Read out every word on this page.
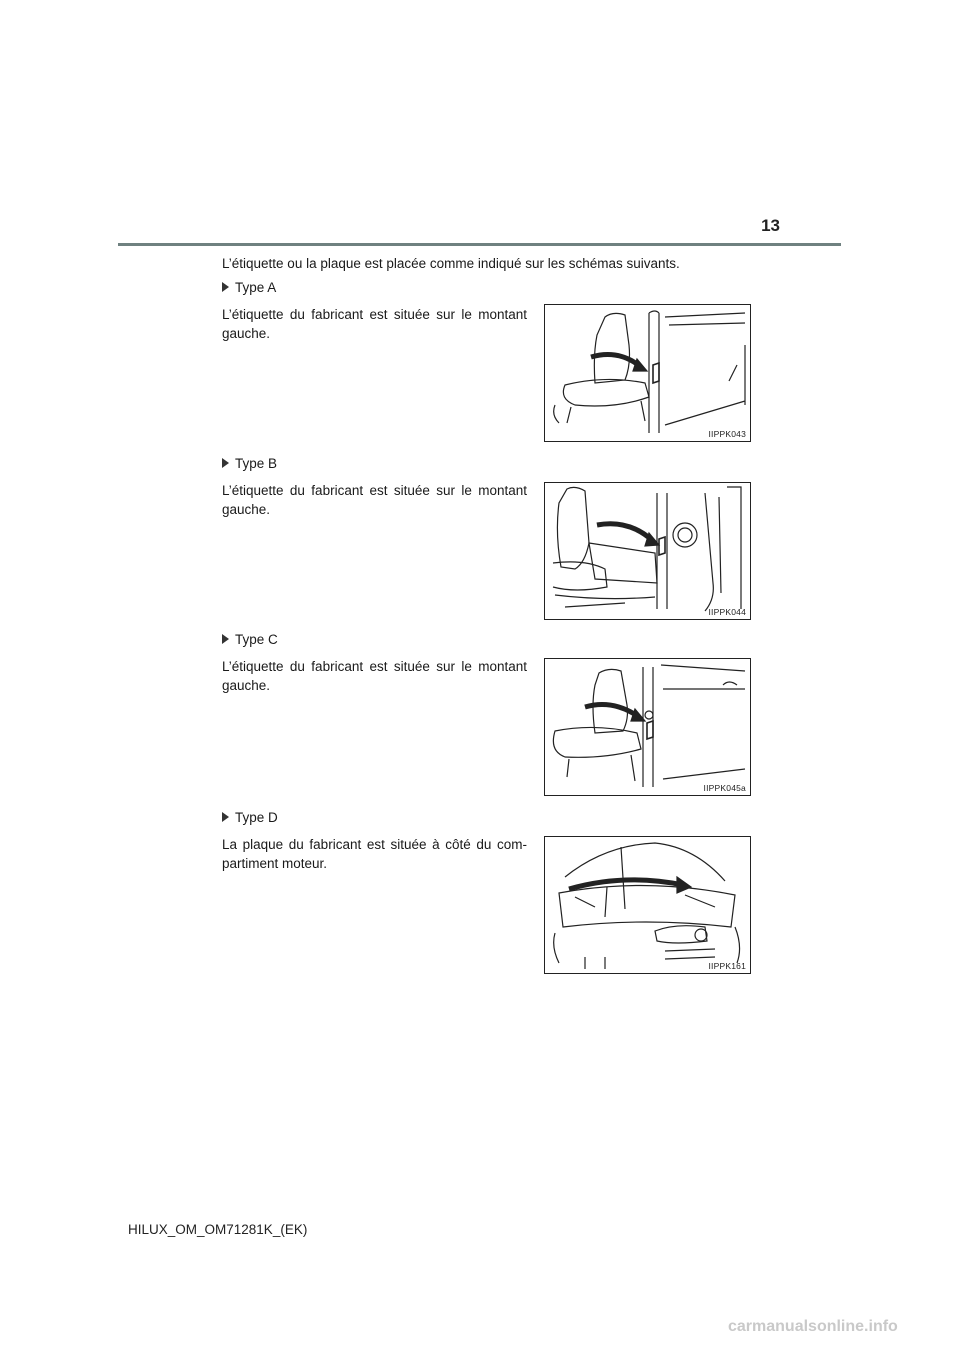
13
L’étiquette ou la plaque est placée comme indiqué sur les schémas suivants.
Type A
L’étiquette du fabricant est située sur le montant gauche.
IIPPK043
Type B
L’étiquette du fabricant est située sur le montant gauche.
IIPPK044
Type C
L’étiquette du fabricant est située sur le montant gauche.
IIPPK045a
Type D
La plaque du fabricant est située à côté du com-partiment moteur.
IIPPK161
HILUX_OM_OM71281K_(EK)
carmanualsonline.info
